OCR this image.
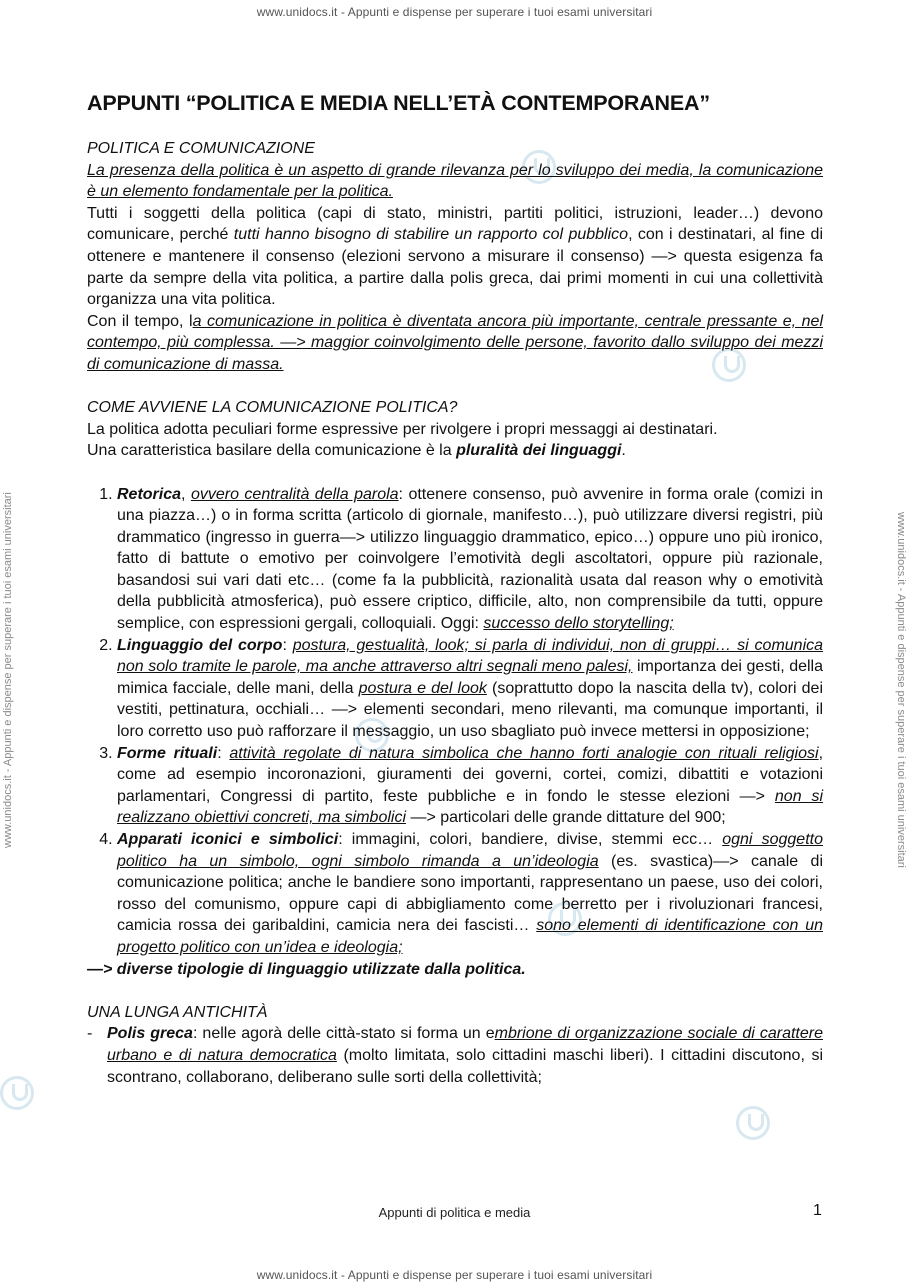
www.unidocs.it - Appunti e dispense per superare i tuoi esami universitari
www.unidocs.it - Appunti e dispense per superare i tuoi esami universitari	www.unidocs.it - Appunti e dispense per superare i tuoi esami universitari
APPUNTI “POLITICA E MEDIA NELL’ETÀ CONTEMPORANEA”
POLITICA E COMUNICAZIONE

La presenza della politica è un aspetto di grande rilevanza per lo sviluppo dei media, la comunicazione è un elemento fondamentale per la politica.

Tutti i soggetti della politica (capi di stato, ministri, partiti politici, istruzioni, leader…) devono comunicare, perché tutti hanno bisogno di stabilire un rapporto col pubblico, con i destinatari, al fine di ottenere e mantenere il consenso (elezioni servono a misurare il consenso) —> questa esigenza fa parte da sempre della vita politica, a partire dalla polis greca, dai primi momenti in cui una collettività organizza una vita politica.

Con il tempo, la comunicazione in politica è diventata ancora più importante, centrale pressante e, nel contempo, più complessa. —> maggior coinvolgimento delle persone, favorito dallo sviluppo dei mezzi di comunicazione di massa.

COME AVVIENE LA COMUNICAZIONE POLITICA?

La politica adotta peculiari forme espressive per rivolgere i propri messaggi ai destinatari.

Una caratteristica basilare della comunicazione è la pluralità dei linguaggi.

1. Retorica, ovvero centralità della parola: ottenere consenso, può avvenire in forma orale (comizi in una piazza…) o in forma scritta (articolo di giornale, manifesto…), può utilizzare diversi registri, più drammatico (ingresso in guerra—> utilizzo linguaggio drammatico, epico…) oppure uno più ironico, fatto di battute o emotivo per coinvolgere l’emotività degli ascoltatori, oppure più razionale, basandosi sui vari dati etc… (come fa la pubblicità, razionalità usata dal reason why o emotività della pubblicità atmosferica), può essere criptico, difficile, alto, non comprensibile da tutti, oppure semplice, con espressioni gergali, colloquiali. Oggi: successo dello storytelling;
2. Linguaggio del corpo: postura, gestualità, look; si parla di individui, non di gruppi… si comunica non solo tramite le parole, ma anche attraverso altri segnali meno palesi, importanza dei gesti, della mimica facciale, delle mani, della postura e del look (soprattutto dopo la nascita della tv), colori dei vestiti, pettinatura, occhiali… —> elementi secondari, meno rilevanti, ma comunque importanti, il loro corretto uso può rafforzare il messaggio, un uso sbagliato può invece mettersi in opposizione;
3. Forme rituali: attività regolate di natura simbolica che hanno forti analogie con rituali religiosi, come ad esempio incoronazioni, giuramenti dei governi, cortei, comizi, dibattiti e votazioni parlamentari, Congressi di partito, feste pubbliche e in fondo le stesse elezioni —> non si realizzano obiettivi concreti, ma simbolici —> particolari delle grande dittature del 900;
4. Apparati iconici e simbolici: immagini, colori, bandiere, divise, stemmi ecc… ogni soggetto politico ha un simbolo, ogni simbolo rimanda a un’ideologia (es. svastica)—> canale di comunicazione politica; anche le bandiere sono importanti, rappresentano un paese, uso dei colori, rosso del comunismo, oppure capi di abbigliamento come berretto per i rivoluzionari francesi, camicia rossa dei garibaldini, camicia nera dei fascisti… sono elementi di identificazione con un progetto politico con un’idea e ideologia;

—> diverse tipologie di linguaggio utilizzate dalla politica.

UNA LUNGA ANTICHITÀ
- Polis greca: nelle agorà delle città-stato si forma un embrione di organizzazione sociale di carattere urbano e di natura democratica (molto limitata, solo cittadini maschi liberi). I cittadini discutono, si scontrano, collaborano, deliberano sulle sorti della collettività;
Appunti di politica e media	1
www.unidocs.it - Appunti e dispense per superare i tuoi esami universitari
